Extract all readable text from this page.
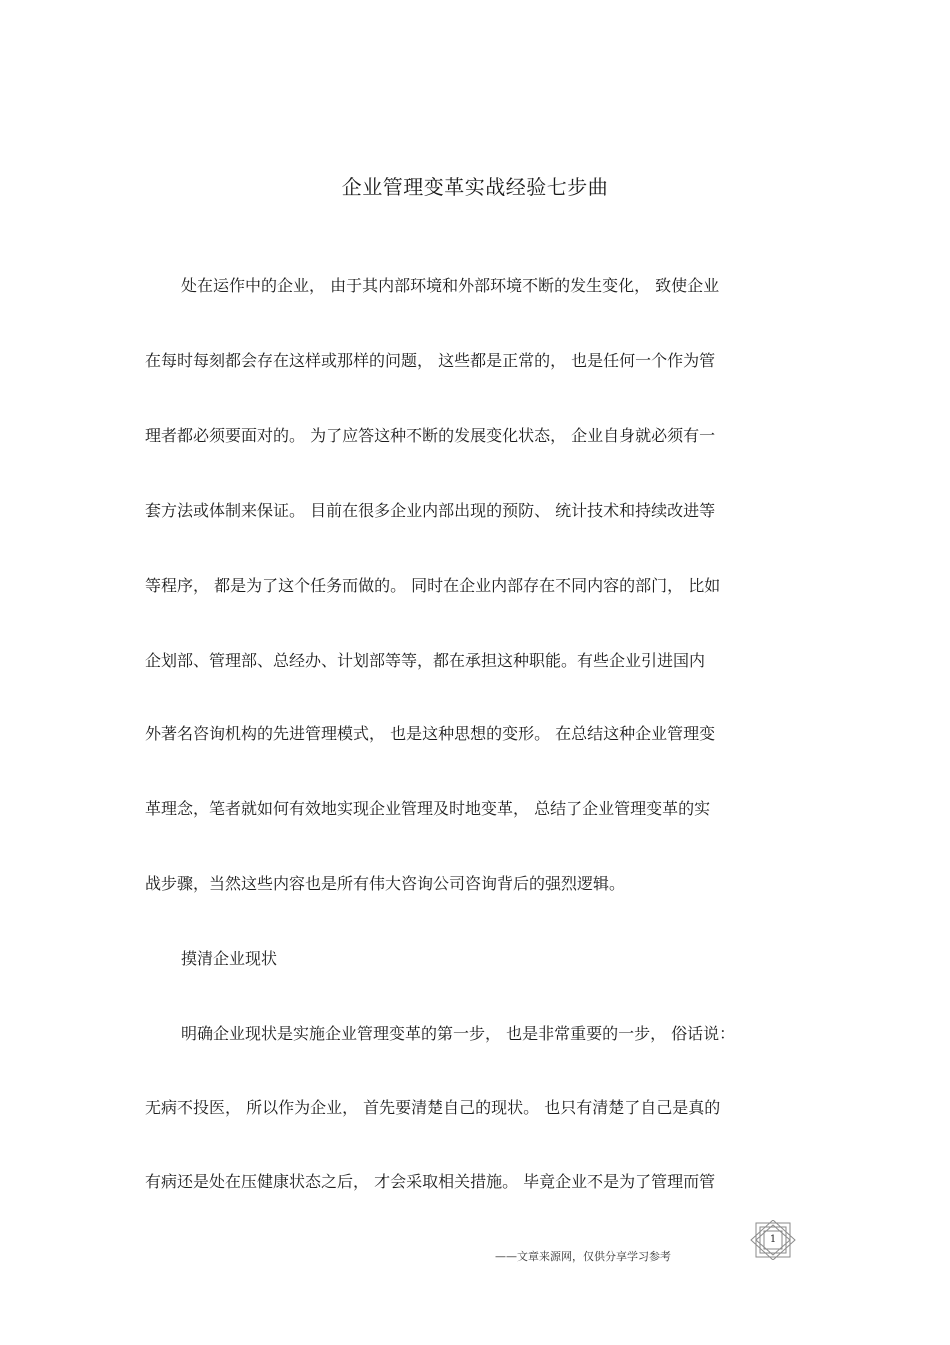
企业管理变革实战经验七步曲
处在运作中的企业， 由于其内部环境和外部环境不断的发生变化， 致使企业
在每时每刻都会存在这样或那样的问题， 这些都是正常的， 也是任何一个作为管
理者都必须要面对的。 为了应答这种不断的发展变化状态， 企业自身就必须有一
套方法或体制来保证。 目前在很多企业内部出现的预防、 统计技术和持续改进等
等程序， 都是为了这个任务而做的。 同时在企业内部存在不同内容的部门， 比如
企划部、管理部、总经办、计划部等等，都在承担这种职能。有些企业引进国内
外著名咨询机构的先进管理模式， 也是这种思想的变形。 在总结这种企业管理变
革理念，笔者就如何有效地实现企业管理及时地变革， 总结了企业管理变革的实
战步骤，当然这些内容也是所有伟大咨询公司咨询背后的强烈逻辑。
摸清企业现状
明确企业现状是实施企业管理变革的第一步， 也是非常重要的一步， 俗话说：
无病不投医， 所以作为企业， 首先要清楚自己的现状。 也只有清楚了自己是真的
有病还是处在压健康状态之后， 才会采取相关措施。 毕竟企业不是为了管理而管
1
——文章来源网，仅供分享学习参考
